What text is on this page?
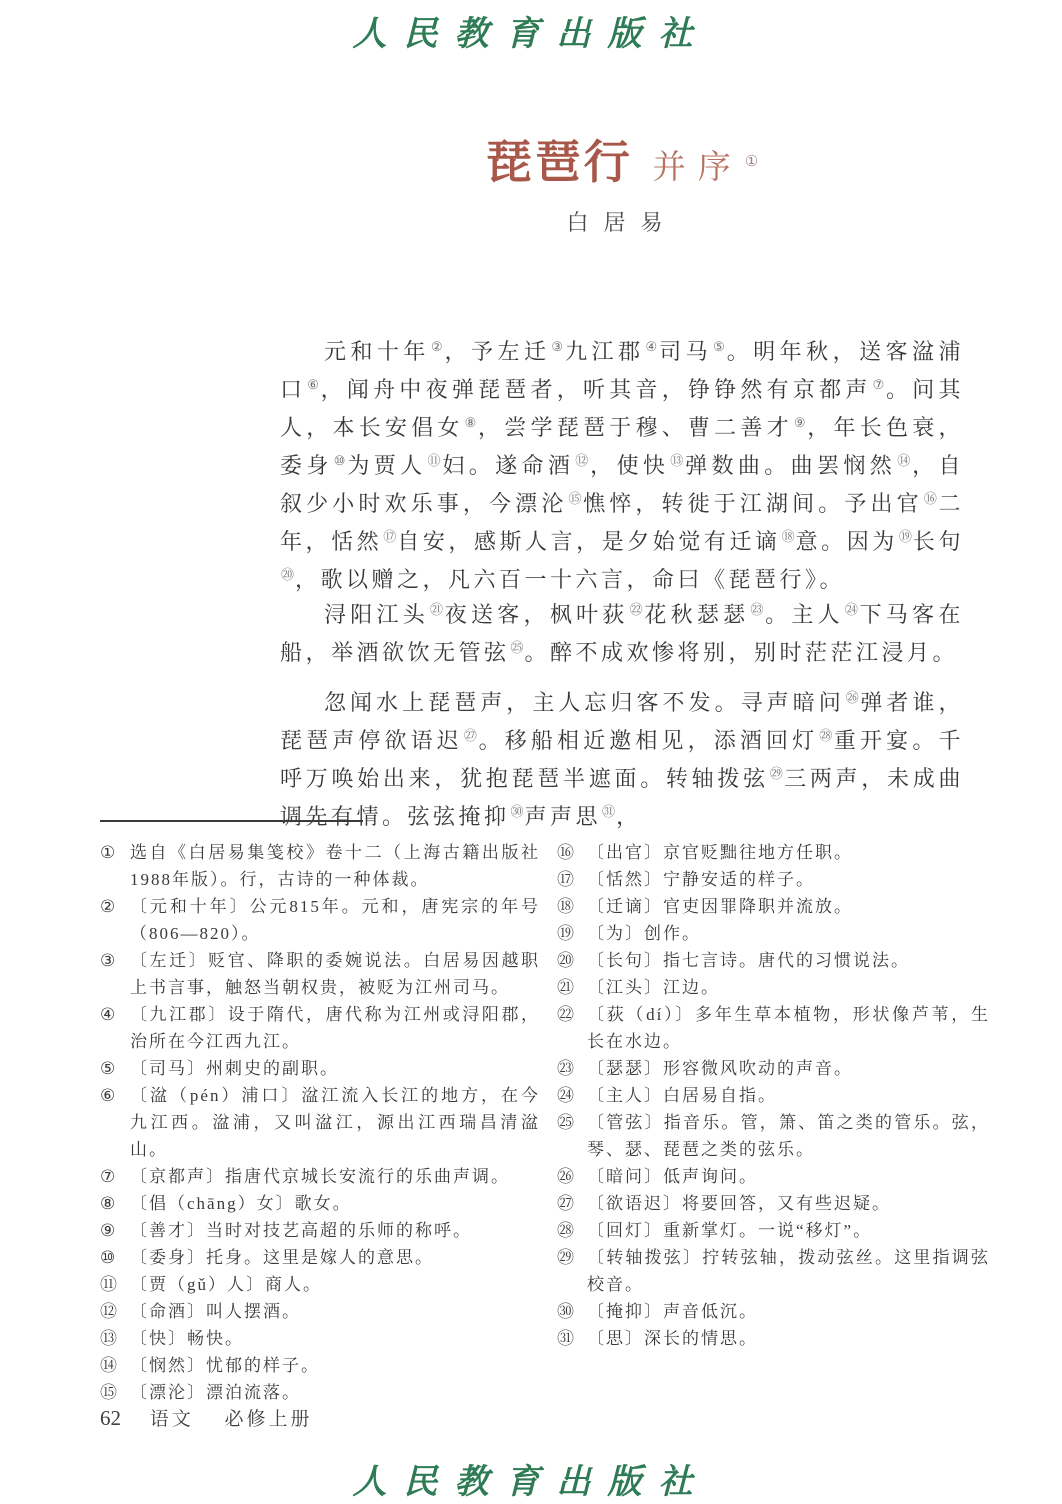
人民教育出版社
琵琶行 并序 ①
白居易

元和十年②，予左迁③九江郡④司马⑤。明年秋，送客湓浦口⑥，闻舟中夜弹琵琶者，听其音，铮铮然有京都声⑦。问其人，本长安倡女⑧，尝学琵琶于穆、曹二善才⑨，年长色衰，委身⑩为贾人⑪妇。遂命酒⑫，使快⑬弹数曲。曲罢悯然⑭，自叙少小时欢乐事，今漂沦⑮憔悴，转徙于江湖间。予出官⑯二年，恬然⑰自安，感斯人言，是夕始觉有迁谪⑱意。因为⑲长句⑳，歌以赠之，凡六百一十六言，命曰《琵琶行》。

浔阳江头$^㉑$夜送客，枫叶荻$^㉒$花秋瑟瑟$^㉓$。主人$^㉔$下马客在船，举酒欲饮无管弦$^㉕$。醉不成欢惨将别，别时茫茫江浸月。

忽闻水上琵琶声，主人忘归客不发。寻声暗问$^㉖$弹者谁，琵琶声停欲语迟$^㉗$。移船相近邀相见，添酒回灯$^㉘$重开宴。千呼万唤始出来，犹抱琵琶半遮面。转轴拨弦$^㉙$三两声，未成曲调先有情。弦弦掩抑$^㉚$声声思$^㉛$，

① 选自《白居易集笺校》卷十二（上海古籍出版社1988年版）。行，古诗的一种体裁。
② 〔元和十年〕公元815年。元和，唐宪宗的年号（806—820）。
③ 〔左迁〕贬官、降职的委婉说法。白居易因越职上书言事，触怒当朝权贵，被贬为江州司马。
④ 〔九江郡〕设于隋代，唐代称为江州或浔阳郡，治所在今江西九江。
⑤ 〔司马〕州刺史的副职。
⑥ 〔湓（pén）浦口〕湓江流入长江的地方，在今九江西。湓浦，又叫湓江，源出江西瑞昌清湓山。
⑦ 〔京都声〕指唐代京城长安流行的乐曲声调。
⑧ 〔倡（chāng）女〕歌女。
⑨ 〔善才〕当时对技艺高超的乐师的称呼。
⑩ 〔委身〕托身。这里是嫁人的意思。
⑪ 〔贾（gǔ）人〕商人。
⑫ 〔命酒〕叫人摆酒。
⑬ 〔快〕畅快。
⑭ 〔悯然〕忧郁的样子。
⑮ 〔漂沦〕漂泊流落。
⑯ 〔出官〕京官贬黜往地方任职。
⑰ 〔恬然〕宁静安适的样子。
⑱ 〔迁谪〕官吏因罪降职并流放。
⑲ 〔为〕创作。
⑳ 〔长句〕指七言诗。唐代的习惯说法。
㉑ 〔江头〕江边。
㉒ 〔荻（dí）〕多年生草本植物，形状像芦苇，生长在水边。
㉓ 〔瑟瑟〕形容微风吹动的声音。
㉔ 〔主人〕白居易自指。
㉕ 〔管弦〕指音乐。管，箫、笛之类的管乐。弦，琴、瑟、琵琶之类的弦乐。
㉖ 〔暗问〕低声询问。
㉗ 〔欲语迟〕将要回答，又有些迟疑。
㉘ 〔回灯〕重新掌灯。一说“移灯”。
㉙ 〔转轴拨弦〕拧转弦轴，拨动弦丝。这里指调弦校音。
㉚ 〔掩抑〕声音低沉。
㉛ 〔思〕深长的情思。
62 语文 必修上册
人民教育出版社
